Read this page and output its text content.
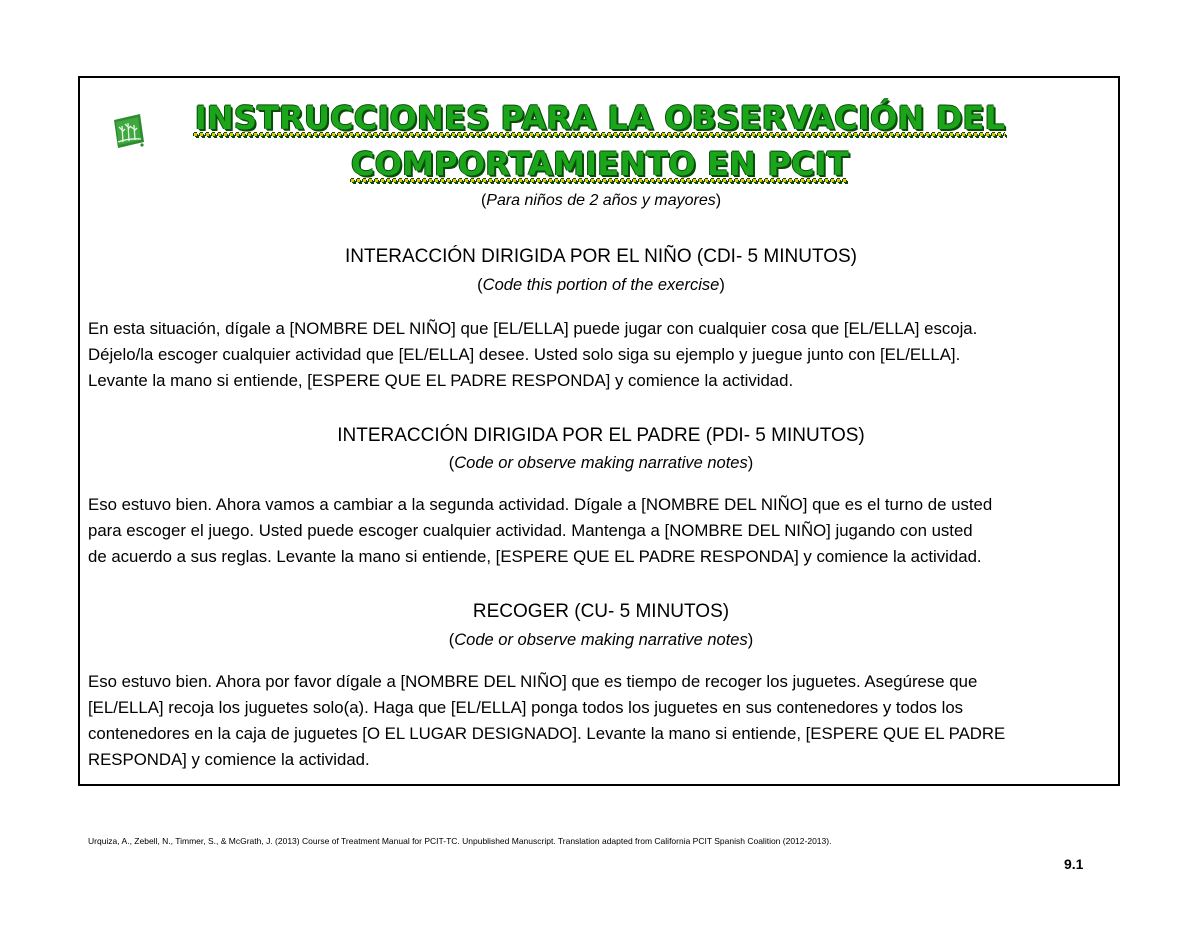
INSTRUCCIONES PARA LA OBSERVACIÓN DEL
COMPORTAMIENTO EN PCIT
(Para niños de 2 años y mayores)
INTERACCIÓN DIRIGIDA POR EL NIÑO (CDI- 5 MINUTOS)
(Code this portion of the exercise)
En esta situación, dígale a [NOMBRE DEL NIÑO] que [EL/ELLA] puede jugar con cualquier cosa que [EL/ELLA] escoja.
Déjelo/la escoger cualquier actividad que [EL/ELLA] desee. Usted solo siga su ejemplo y juegue junto con [EL/ELLA].
Levante la mano si entiende, [ESPERE QUE EL PADRE RESPONDA] y comience la actividad.
INTERACCIÓN DIRIGIDA POR EL PADRE (PDI- 5 MINUTOS)
(Code or observe making narrative notes)
Eso estuvo bien. Ahora vamos a cambiar a la segunda actividad. Dígale a [NOMBRE DEL NIÑO] que es el turno de usted
para escoger el juego. Usted puede escoger cualquier actividad. Mantenga a [NOMBRE DEL NIÑO] jugando con usted
de acuerdo a sus reglas. Levante la mano si entiende, [ESPERE QUE EL PADRE RESPONDA] y comience la actividad.
RECOGER (CU- 5 MINUTOS)
(Code or observe making narrative notes)
Eso estuvo bien. Ahora por favor dígale a [NOMBRE DEL NIÑO] que es tiempo de recoger los juguetes. Asegúrese que
[EL/ELLA] recoja los juguetes solo(a). Haga que [EL/ELLA] ponga todos los juguetes en sus contenedores y todos los
contenedores en la caja de juguetes [O EL LUGAR DESIGNADO]. Levante la mano si entiende, [ESPERE QUE EL PADRE
RESPONDA] y comience la actividad.
Urquiza, A., Zebell, N., Timmer, S., & McGrath, J. (2013) Course of Treatment Manual for PCIT-TC. Unpublished Manuscript. Translation adapted from California PCIT Spanish Coalition (2012-2013).
9.1
